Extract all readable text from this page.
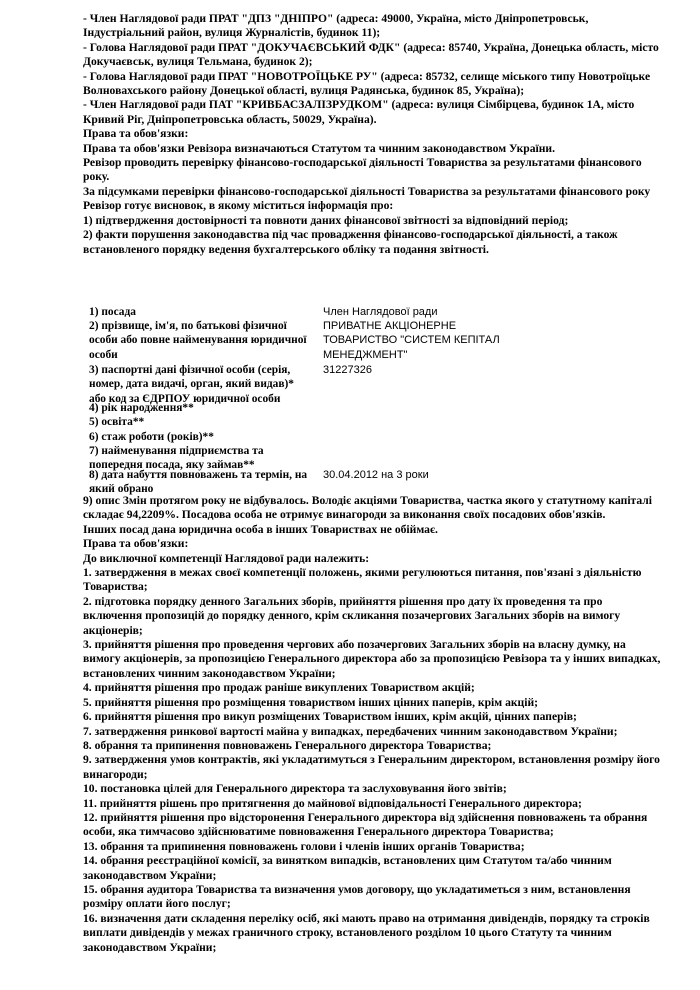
- Член Наглядової ради ПРАТ "ДПЗ "ДНІПРО" (адреса: 49000, Україна, місто Дніпропетровськ, Індустріальний район, вулиця Журналістів, будинок 11);

- Голова Наглядової ради ПРАТ "ДОКУЧАЄВСЬКИЙ ФДК" (адреса: 85740, Україна, Донецька область, місто Докучаєвськ, вулиця Тельмана, будинок 2);

- Голова Наглядової ради ПРАТ "НОВОТРОЇЦЬКЕ РУ" (адреса: 85732, селище міського типу Новотроїцьке Волновахського району Донецької області, вулиця Радянська, будинок 85, Україна);

- Член Наглядової ради ПАТ "КРИВБАСЗАЛІЗРУДКОМ" (адреса: вулиця Сімбірцева, будинок 1А, місто Кривий Ріг, Дніпропетровська область, 50029, Україна).

Права та обов'язки:

Права та обов'язки Ревізора визначаються Статутом та чинним законодавством України.

Ревізор проводить перевірку фінансово-господарської діяльності Товариства за результатами фінансового року.

За підсумками перевірки фінансово-господарської діяльності Товариства за результатами фінансового року Ревізор готує висновок, в якому міститься інформація про:

1) підтвердження достовірності та повноти даних фінансової звітності за відповідний період;

2) факти порушення законодавства під час провадження фінансово-господарської діяльності, а також встановленого порядку ведення бухгалтерського обліку та подання звітності.

1) посада	Член Наглядової ради
2) прізвище, ім'я, по батькові фізичної особи або повне найменування юридичної особи
ПРИВАТНЕ АКЦІОНЕРНЕ ТОВАРИСТВО "СИСТЕМ КЕПІТАЛ МЕНЕДЖМЕНТ"
3) паспортні дані фізичної особи (серія, номер, дата видачі, орган, який видав)* або код за ЄДРПОУ юридичної особи
31227326
4) рік народження**
5) освіта**
6) стаж роботи (років)**
7) найменування підприємства та попередня посада, яку займав**
8) дата набуття повноважень та термін, на який обрано
30.04.2012 на 3 роки

9) опис Змін протягом року не відбувалось. Володіє акціями Товариства, частка якого у статутному капіталі складає 94,2209%. Посадова особа не отримує винагороди за виконання своїх посадових обов'язків.

Інших посад дана юридична особа в інших Товариствах не обіймає.

Права та обов'язки:

До виключної компетенції Наглядової ради належить:

1. затвердження в межах своєї компетенції положень, якими регулюються питання, пов'язані з діяльністю Товариства;

2. підготовка порядку денного Загальних зборів, прийняття рішення про дату їх проведення та про включення пропозицій до порядку денного, крім скликання позачергових Загальних зборів на вимогу акціонерів;

3. прийняття рішення про проведення чергових або позачергових Загальних зборів на власну думку, на вимогу акціонерів, за пропозицією Генерального директора або за пропозицією Ревізора та у інших випадках, встановлених чинним законодавством України;

4. прийняття рішення про продаж раніше викуплених Товариством акцій;

5. прийняття рішення про розміщення товариством інших цінних паперів, крім акцій;

6. прийняття рішення про викуп розміщених Товариством інших, крім акцій, цінних паперів;

7. затвердження ринкової вартості майна у випадках, передбачених чинним законодавством України;

8. обрання та припинення повноважень Генерального директора Товариства;

9. затвердження умов контрактів, які укладатимуться з Генеральним директором, встановлення розміру його винагороди;

10. постановка цілей для Генерального директора та заслуховування його звітів;

11. прийняття рішень про притягнення до майнової відповідальності Генерального директора;

12. прийняття рішення про відсторонення Генерального директора від здійснення повноважень та обрання особи, яка тимчасово здійснюватиме повноваження Генерального директора Товариства;

13. обрання та припинення повноважень голови і членів інших органів Товариства;

14. обрання реєстраційної комісії, за винятком випадків, встановлених цим Статутом та/або чинним законодавством України;

15. обрання аудитора Товариства та визначення умов договору, що укладатиметься з ним, встановлення розміру оплати його послуг;

16. визначення дати складення переліку осіб, які мають право на отримання дивідендів, порядку та строків виплати дивідендів у межах граничного строку, встановленого розділом 10 цього Статуту та чинним законодавством України;
